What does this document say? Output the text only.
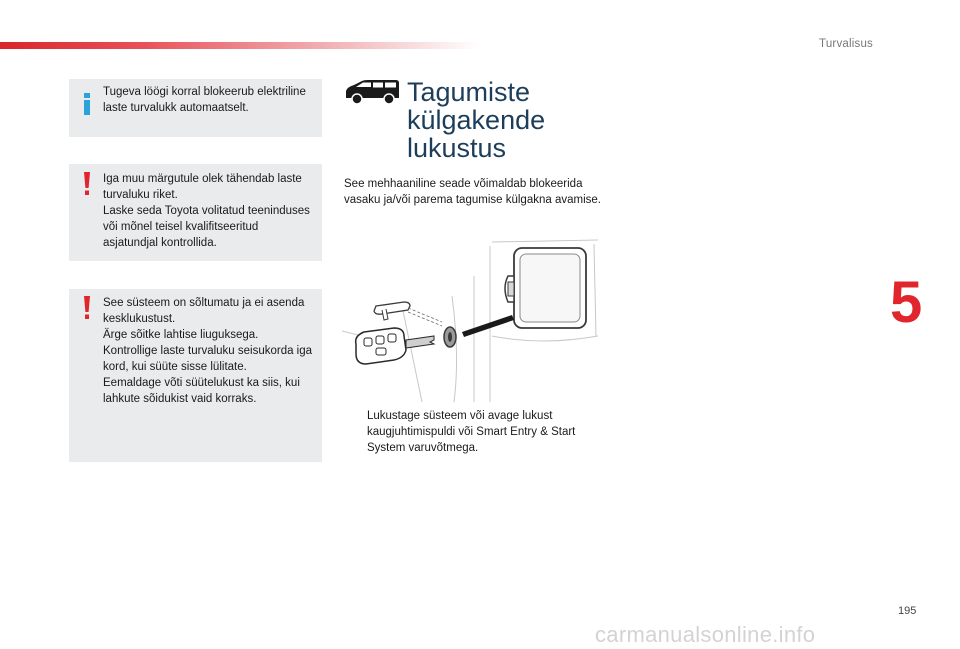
Turvalisus
5
195
Tugeva löögi korral blokeerub elektriline laste turvalukk automaatselt.
Iga muu märgutule olek tähendab laste turvaluku riket.
Laske seda Toyota volitatud teeninduses või mõnel teisel kvalifitseeritud asjatundjal kontrollida.
See süsteem on sõltumatu ja ei asenda kesklukustust.
Ärge sõitke lahtise liuguksega.
Kontrollige laste turvaluku seisukorda iga kord, kui süüte sisse lülitate.
Eemaldage võti süütelukust ka siis, kui lahkute sõidukist vaid korraks.
Tagumiste
külgakende
lukustus
See mehhaaniline seade võimaldab blokeerida vasaku ja/või parema tagumise külgakna avamise.
Lukustage süsteem või avage lukust kaugjuhtimispuldi või Smart Entry & Start System varuvõtmega.
carmanualsonline.info
